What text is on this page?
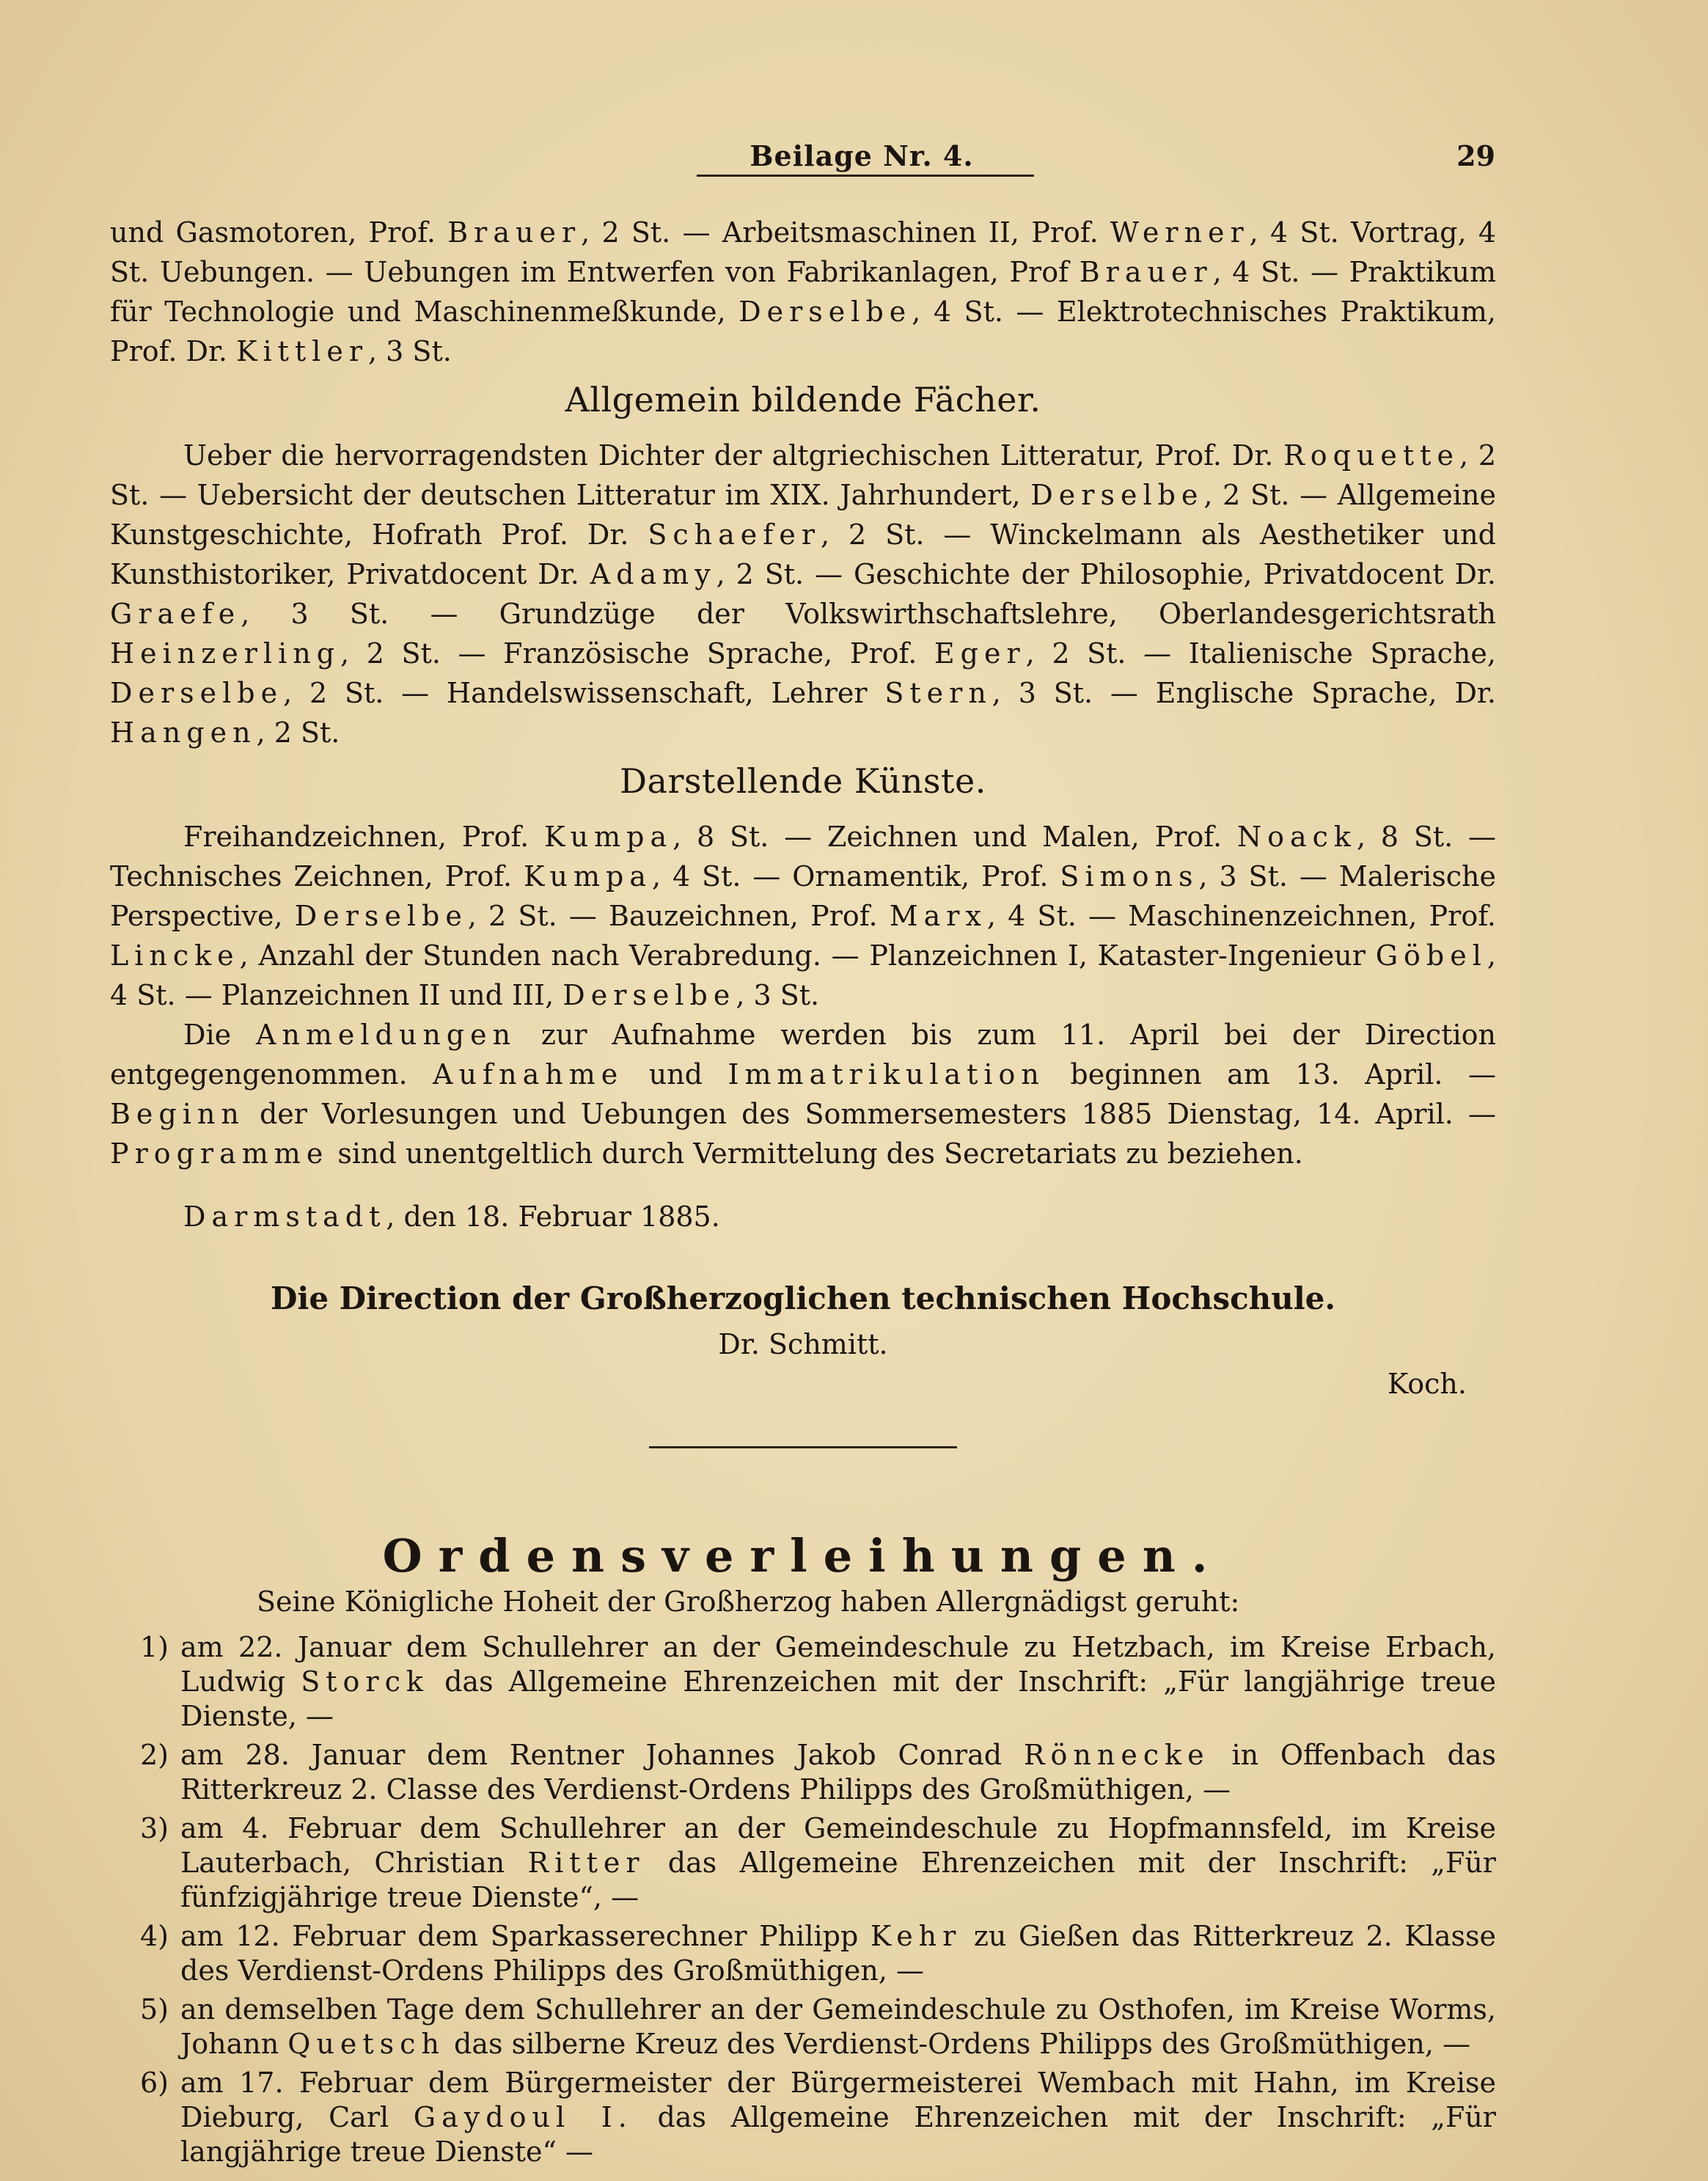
Beilage Nr. 4.	29

und Gasmotoren, Prof. Brauer, 2 St. — Arbeitsmaschinen II, Prof. Werner, 4 St. Vortrag, 4 St. Uebungen. — Uebungen im Entwerfen von Fabrikanlagen, Prof Brauer, 4 St. — Praktikum für Technologie und Maschinenmeßkunde, Derselbe, 4 St. — Elektrotechnisches Praktikum, Prof. Dr. Kittler, 3 St.

Allgemein bildende Fächer.

Ueber die hervorragendsten Dichter der altgriechischen Litteratur, Prof. Dr. Roquette, 2 St. — Uebersicht der deutschen Litteratur im XIX. Jahrhundert, Derselbe, 2 St. — Allgemeine Kunstgeschichte, Hofrath Prof. Dr. Schaefer, 2 St. — Winckelmann als Aesthetiker und Kunsthistoriker, Privatdocent Dr. Adamy, 2 St. — Geschichte der Philosophie, Privatdocent Dr. Graefe, 3 St. — Grundzüge der Volkswirthschaftslehre, Oberlandesgerichtsrath Heinzerling, 2 St. — Französische Sprache, Prof. Eger, 2 St. — Italienische Sprache, Derselbe, 2 St. — Handelswissenschaft, Lehrer Stern, 3 St. — Englische Sprache, Dr. Hangen, 2 St.

Darstellende Künste.

Freihandzeichnen, Prof. Kumpa, 8 St. — Zeichnen und Malen, Prof. Noack, 8 St. — Technisches Zeichnen, Prof. Kumpa, 4 St. — Ornamentik, Prof. Simons, 3 St. — Malerische Perspective, Derselbe, 2 St. — Bauzeichnen, Prof. Marx, 4 St. — Maschinenzeichnen, Prof. Lincke, Anzahl der Stunden nach Verabredung. — Planzeichnen I, Kataster-Ingenieur Göbel, 4 St. — Planzeichnen II und III, Derselbe, 3 St.

Die Anmeldungen zur Aufnahme werden bis zum 11. April bei der Direction entgegengenommen. Aufnahme und Immatrikulation beginnen am 13. April. — Beginn der Vorlesungen und Uebungen des Sommersemesters 1885 Dienstag, 14. April. — Programme sind unentgeltlich durch Vermittelung des Secretariats zu beziehen.

Darmstadt, den 18. Februar 1885.

Die Direction der Großherzoglichen technischen Hochschule.
Dr. Schmitt.
Koch.
Ordensverleihungen.
Seine Königliche Hoheit der Großherzog haben Allergnädigst geruht:
1) am 22. Januar dem Schullehrer an der Gemeindeschule zu Hetzbach, im Kreise Erbach, Ludwig Storck das Allgemeine Ehrenzeichen mit der Inschrift: „Für langjährige treue Dienste, —
2) am 28. Januar dem Rentner Johannes Jakob Conrad Rönnecke in Offenbach das Ritterkreuz 2. Classe des Verdienst-Ordens Philipps des Großmüthigen, —
3) am 4. Februar dem Schullehrer an der Gemeindeschule zu Hopfmannsfeld, im Kreise Lauterbach, Christian Ritter das Allgemeine Ehrenzeichen mit der Inschrift: „Für fünfzigjährige treue Dienste“, —
4) am 12. Februar dem Sparkasserechner Philipp Kehr zu Gießen das Ritterkreuz 2. Klasse des Verdienst-Ordens Philipps des Großmüthigen, —
5) an demselben Tage dem Schullehrer an der Gemeindeschule zu Osthofen, im Kreise Worms, Johann Quetsch das silberne Kreuz des Verdienst-Ordens Philipps des Großmüthigen, —
6) am 17. Februar dem Bürgermeister der Bürgermeisterei Wembach mit Hahn, im Kreise Dieburg, Carl Gaydoul I. das Allgemeine Ehrenzeichen mit der Inschrift: „Für langjährige treue Dienste“ —
